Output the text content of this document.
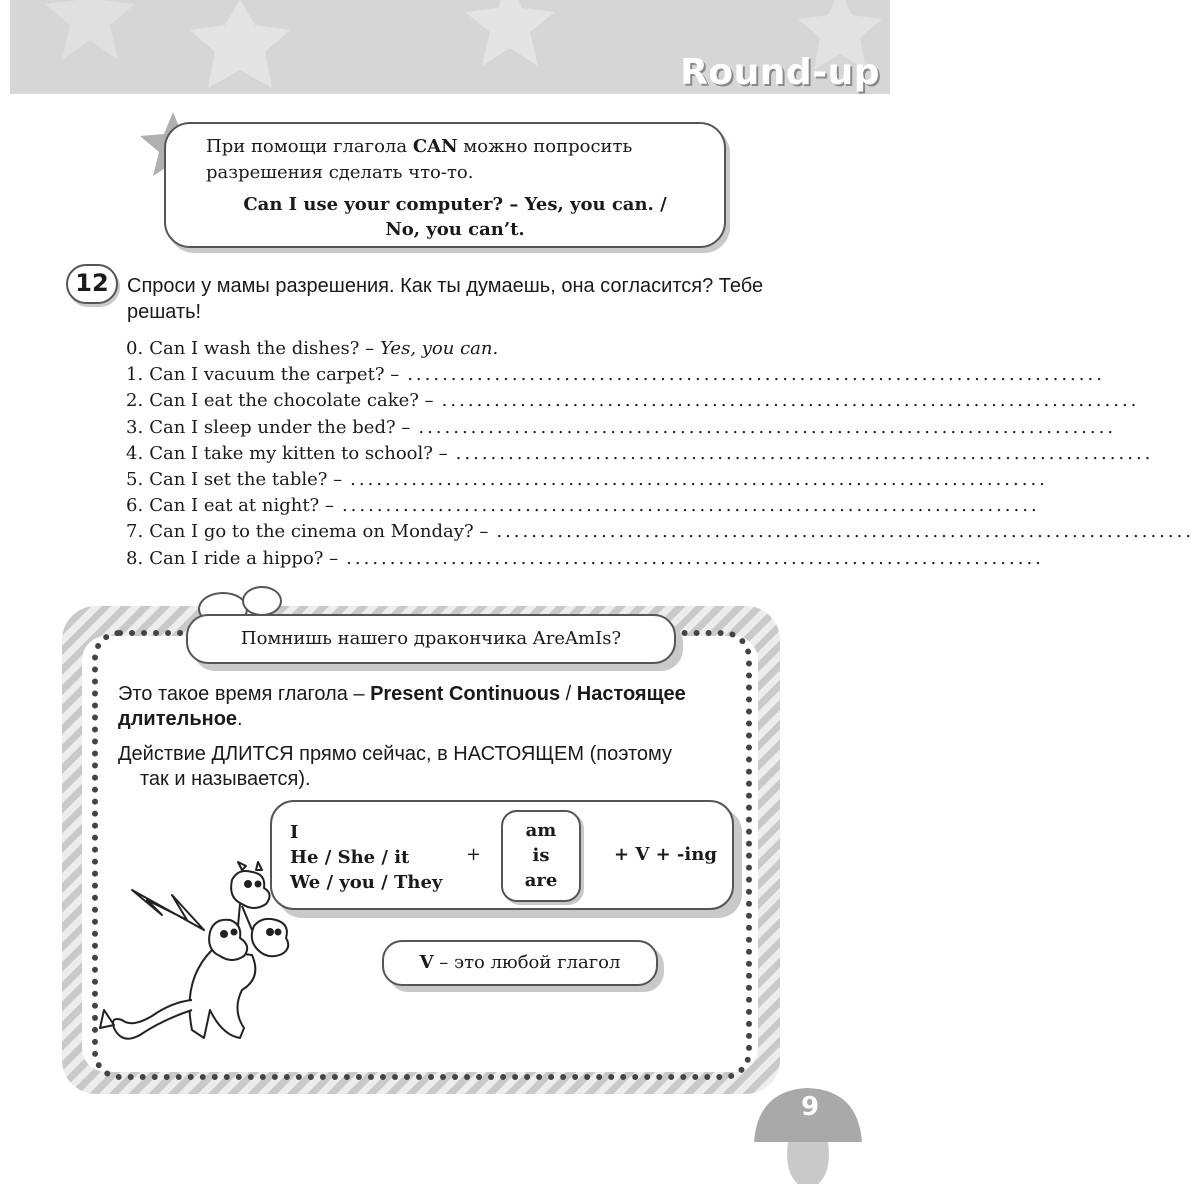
Round-up
При помощи глагола CAN можно попросить разрешения сделать что-то.
Can I use your computer? – Yes, you can. /
No, you can’t.
12 Спроси у мамы разрешения. Как ты думаешь, она согласится? Тебе решать!
0. Can I wash the dishes? – Yes, you can.
1. Can I vacuum the carpet? – ................................................................................
2. Can I eat the chocolate cake? – ................................................................................
3. Can I sleep under the bed? – ................................................................................
4. Can I take my kitten to school? – ................................................................................
5. Can I set the table? – ................................................................................
6. Can I eat at night? – ................................................................................
7. Can I go to the cinema on Monday? – ................................................................................
8. Can I ride a hippo? – ................................................................................
Помнишь нашего дракончика AreAmIs?
Это такое время глагола – Present Continuous / Настоящее длительное.
Действие ДЛИТСЯ прямо сейчас, в НАСТОЯЩЕМ (поэтому
так и называется).
I
He / She / it
We / you / They
+
am
is
are
+ V + -ing
V – это любой глагол
9
